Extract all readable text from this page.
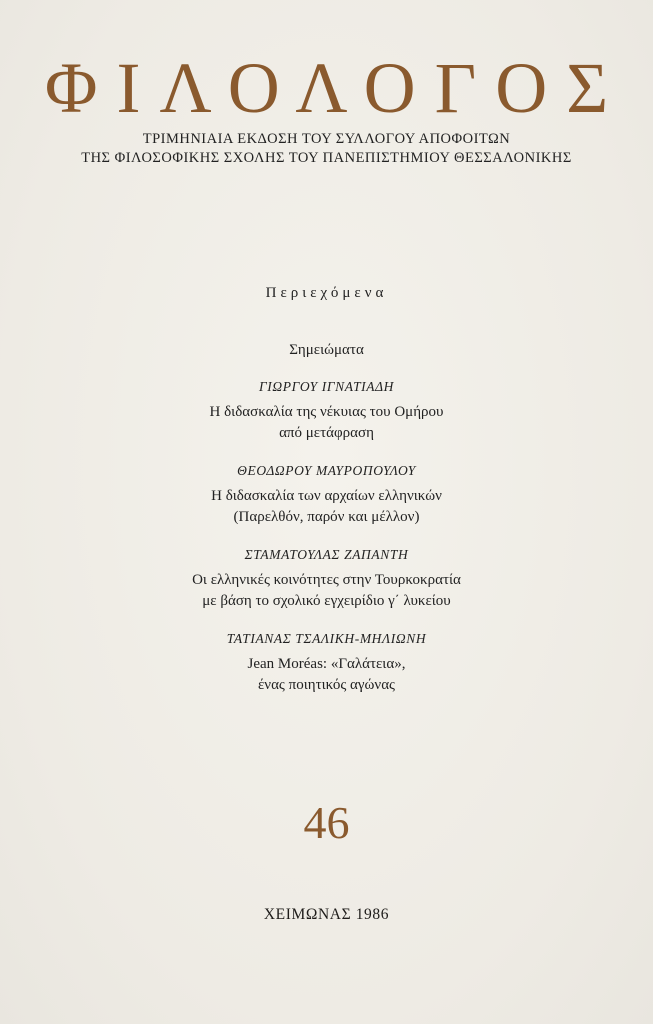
ΦΙΛΟΛΟΓΟΣ
ΤΡΙΜΗΝΙΑΙΑ ΕΚΔΟΣΗ ΤΟΥ ΣΥΛΛΟΓΟΥ ΑΠΟΦΟΙΤΩΝ
ΤΗΣ ΦΙΛΟΣΟΦΙΚΗΣ ΣΧΟΛΗΣ ΤΟΥ ΠΑΝΕΠΙΣΤΗΜΙΟΥ ΘΕΣΣΑΛΟΝΙΚΗΣ
Περιεχόμενα
Σημειώματα
ΓΙΩΡΓΟΥ ΙΓΝΑΤΙΑΔΗ
Η διδασκαλία της νέκυιας του Ομήρου
από μετάφραση
ΘΕΟΔΩΡΟΥ ΜΑΥΡΟΠΟΥΛΟΥ
Η διδασκαλία των αρχαίων ελληνικών
(Παρελθόν, παρόν και μέλλον)
ΣΤΑΜΑΤΟΥΛΑΣ ΖΑΠΑΝΤΗ
Οι ελληνικές κοινότητες στην Τουρκοκρατία
με βάση το σχολικό εγχειρίδιο γ΄ λυκείου
ΤΑΤΙΑΝΑΣ ΤΣΑΛΙΚΗ-ΜΗΛΙΩΝΗ
Jean Moréas: «Γαλάτεια»,
ένας ποιητικός αγώνας
46
ΧΕΙΜΩΝΑΣ 1986
